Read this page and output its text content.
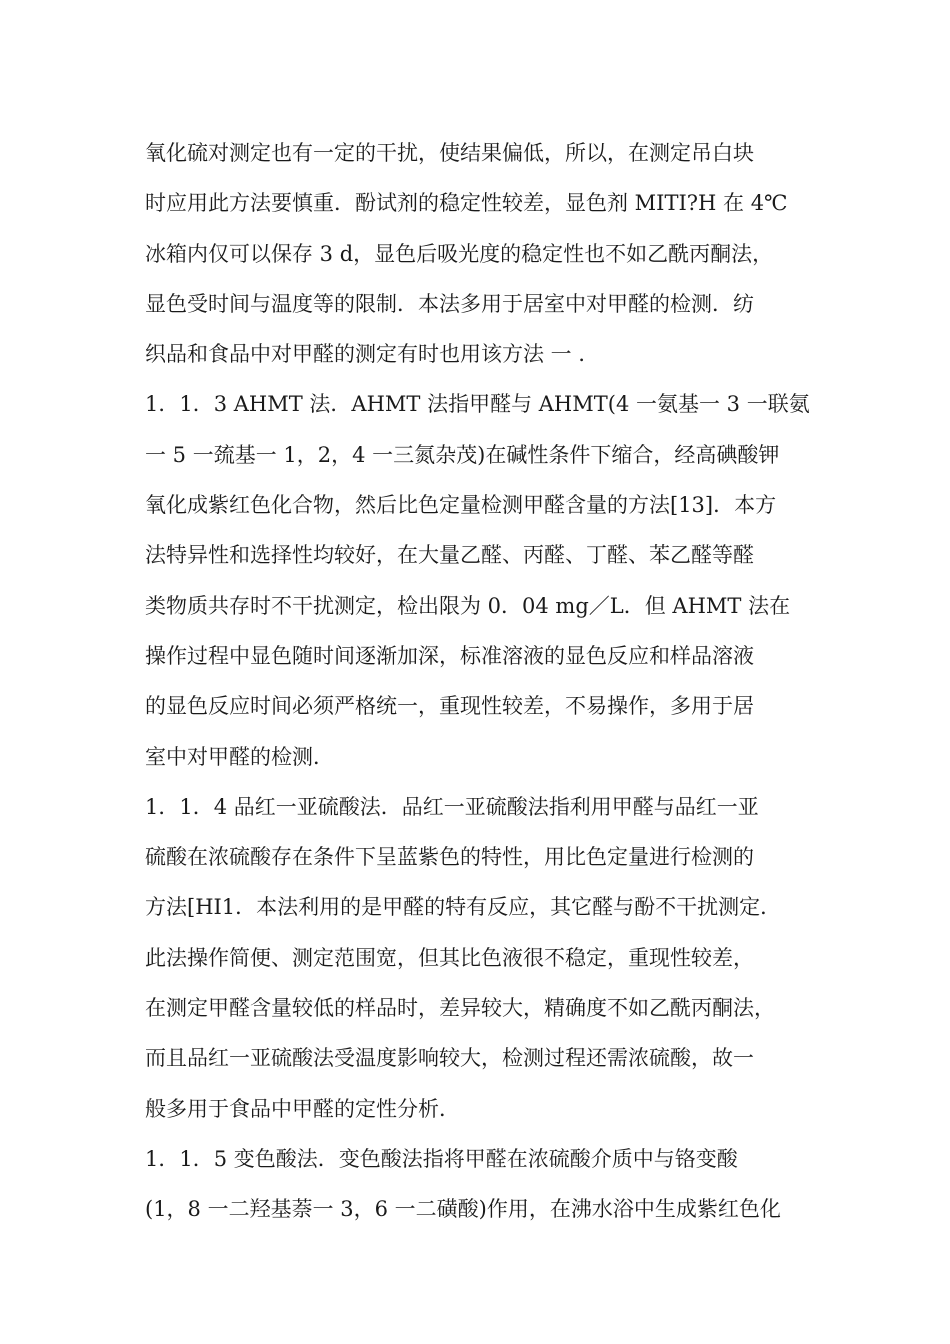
氧化硫对测定也有一定的干扰，使结果偏低，所以，在测定吊白块
时应用此方法要慎重．酚试剂的稳定性较差，显色剂 MITI?H 在 4℃
冰箱内仅可以保存 3 d，显色后吸光度的稳定性也不如乙酰丙酮法，
显色受时间与温度等的限制．本法多用于居室中对甲醛的检测．纺
织品和食品中对甲醛的测定有时也用该方法 一 ．
1．1．3 AHMT 法．AHMT 法指甲醛与 AHMT(4 一氨基一 3 一联氨
一 5 一巯基一 1，2，4 一三氮杂茂)在碱性条件下缩合，经高碘酸钾
氧化成紫红色化合物，然后比色定量检测甲醛含量的方法[13]．本方
法特异性和选择性均较好，在大量乙醛、丙醛、丁醛、苯乙醛等醛
类物质共存时不干扰测定，检出限为 0．04 mg／L．但 AHMT 法在
操作过程中显色随时间逐渐加深，标准溶液的显色反应和样品溶液
的显色反应时间必须严格统一，重现性较差，不易操作，多用于居
室中对甲醛的检测．
1．1．4 品红一亚硫酸法．品红一亚硫酸法指利用甲醛与品红一亚
硫酸在浓硫酸存在条件下呈蓝紫色的特性，用比色定量进行检测的
方法[HI1．本法利用的是甲醛的特有反应，其它醛与酚不干扰测定．
此法操作简便、测定范围宽，但其比色液很不稳定，重现性较差，
在测定甲醛含量较低的样品时，差异较大，精确度不如乙酰丙酮法，
而且品红一亚硫酸法受温度影响较大，检测过程还需浓硫酸，故一
般多用于食品中甲醛的定性分析．
1．1．5 变色酸法．变色酸法指将甲醛在浓硫酸介质中与铬变酸
(1，8 一二羟基萘一 3，6 一二磺酸)作用，在沸水浴中生成紫红色化
